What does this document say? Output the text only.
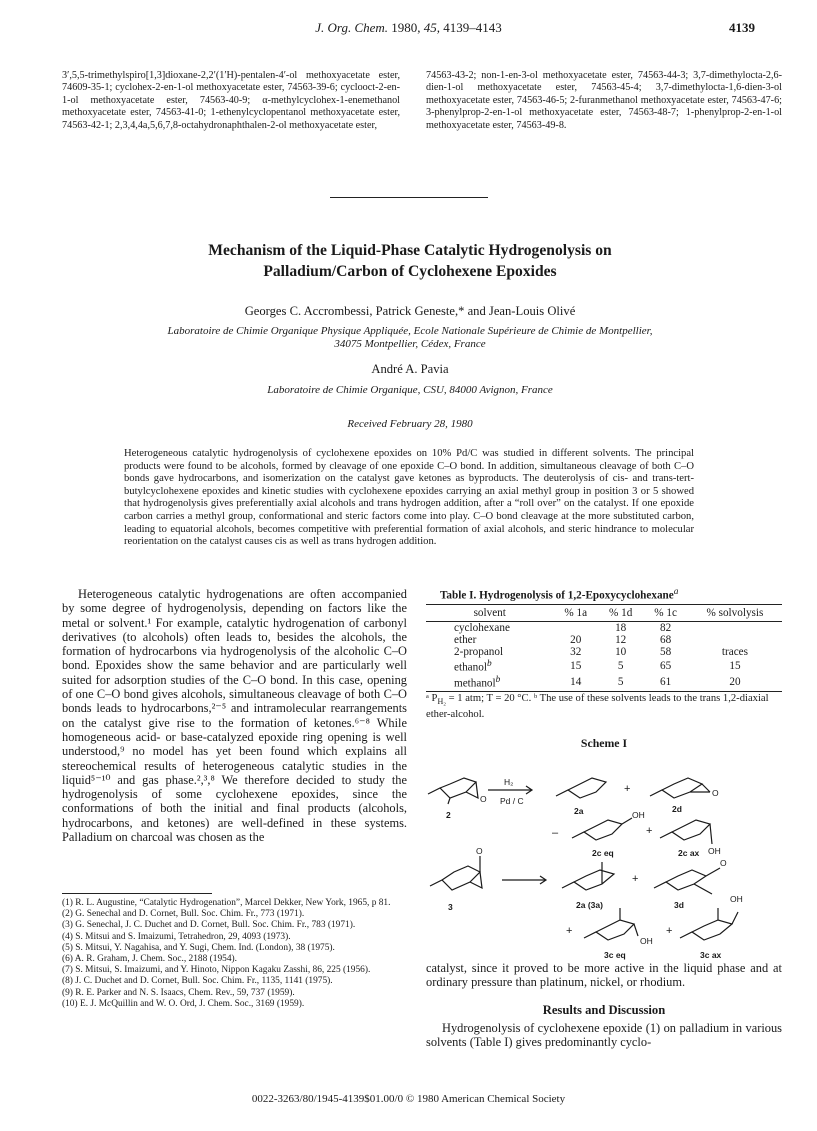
J. Org. Chem. 1980, 45, 4139–4143	4139

3′,5,5-trimethylspiro[1,3]dioxane-2,2′(1′H)-pentalen-4′-ol methoxyacetate ester, 74609-35-1; cyclohex-2-en-1-ol methoxyacetate ester, 74563-39-6; cyclooct-2-en-1-ol methoxyacetate ester, 74563-40-9; α-methylcyclohex-1-enemethanol methoxyacetate ester, 74563-41-0; 1-ethenylcyclopentanol methoxyacetate ester, 74563-42-1; 2,3,4,4a,5,6,7,8-octahydronaphthalen-2-ol methoxyacetate ester,

74563-43-2; non-1-en-3-ol methoxyacetate ester, 74563-44-3; 3,7-dimethylocta-2,6-dien-1-ol methoxyacetate ester, 74563-45-4; 3,7-dimethylocta-1,6-dien-3-ol methoxyacetate ester, 74563-46-5; 2-furanmethanol methoxyacetate ester, 74563-47-6; 3-phenylprop-2-en-1-ol methoxyacetate ester, 74563-48-7; 1-phenylprop-2-en-1-ol methoxyacetate ester, 74563-49-8.

Mechanism of the Liquid-Phase Catalytic Hydrogenolysis on
Palladium/Carbon of Cyclohexene Epoxides
Georges C. Accrombessi, Patrick Geneste,* and Jean-Louis Olivé
Laboratoire de Chimie Organique Physique Appliquée, Ecole Nationale Supérieure de Chimie de Montpellier,
34075 Montpellier, Cédex, France
André A. Pavia
Laboratoire de Chimie Organique, CSU, 84000 Avignon, France
Received February 28, 1980
Heterogeneous catalytic hydrogenolysis of cyclohexene epoxides on 10% Pd/C was studied in different solvents. The principal products were found to be alcohols, formed by cleavage of one epoxide C–O bond. In addition, simultaneous cleavage of both C–O bonds gave hydrocarbons, and isomerization on the catalyst gave ketones as byproducts. The deuterolysis of cis- and trans-tert-butylcyclohexene epoxides and kinetic studies with cyclohexene epoxides carrying an axial methyl group in position 3 or 5 showed that hydrogenolysis gives preferentially axial alcohols and trans hydrogen addition, after a “roll over” on the catalyst. If one epoxide carbon carries a methyl group, conformational and steric factors come into play. C–O bond cleavage at the more substituted carbon, leading to equatorial alcohols, becomes competitive with preferential formation of axial alcohols, and steric hindrance to molecular reorientation on the catalyst causes cis as well as trans hydrogen addition.
Heterogeneous catalytic hydrogenations are often accompanied by some degree of hydrogenolysis, depending on factors like the metal or solvent.¹ For example, catalytic hydrogenation of carbonyl derivatives (to alcohols) often leads to, besides the alcohols, the formation of hydrocarbons via hydrogenolysis of the alcoholic C–O bond. Epoxides show the same behavior and are particularly well suited for adsorption studies of the C–O bond. In this case, opening of one C–O bond gives alcohols, simultaneous cleavage of both C–O bonds leads to hydrocarbons,²⁻⁵ and intramolecular rearrangements on the catalyst give rise to the formation of ketones.⁶⁻⁸ While homogeneous acid- or base-catalyzed epoxide ring opening is well understood,⁹ no model has yet been found which explains all stereochemical results of heterogeneous catalytic studies in the liquid⁵⁻¹⁰ and gas phase.²,³,⁸ We therefore decided to study the hydrogenolysis of some cyclohexene epoxides, since the conformations of both the initial and final products (alcohols, hydrocarbons, and ketones) are well-defined in these systems. Palladium on charcoal was chosen as the

(1) R. L. Augustine, “Catalytic Hydrogenation”, Marcel Dekker, New York, 1965, p 81.

(2) G. Senechal and D. Cornet, Bull. Soc. Chim. Fr., 773 (1971).

(3) G. Senechal, J. C. Duchet and D. Cornet, Bull. Soc. Chim. Fr., 783 (1971).

(4) S. Mitsui and S. Imaizumi, Tetrahedron, 29, 4093 (1973).

(5) S. Mitsui, Y. Nagahisa, and Y. Sugi, Chem. Ind. (London), 38 (1975).

(6) A. R. Graham, J. Chem. Soc., 2188 (1954).

(7) S. Mitsui, S. Imaizumi, and Y. Hinoto, Nippon Kagaku Zasshi, 86, 225 (1956).

(8) J. C. Duchet and D. Cornet, Bull. Soc. Chim. Fr., 1135, 1141 (1975).

(9) R. E. Parker and N. S. Isaacs, Chem. Rev., 59, 737 (1959).

(10) E. J. McQuillin and W. O. Ord, J. Chem. Soc., 3169 (1959).

0022-3263/80/1945-4139$01.00/0 © 1980 American Chemical Society
Table I. Hydrogenolysis of 1,2-Epoxycyclohexane$^a$
solvent	% 1a	% 1d	% 1c	% solvolysis
cyclohexane		18	82	
ether	20	12	68	
2-propanol	32	10	58	traces
ethanol$^b$	15	5	65	15
methanol$^b$	14	5	61	20
ᵃ $P_{H_2} = 1$ atm; T = 20 °C. ᵇ The use of these solvents leads to the trans 1,2-diaxial ether-alcohol.
Scheme I
H₂
Pd / C
O
O
+
–	+
OH
OH
O
+
O
OH
+
OH
+
2	2a	2d
2c eq	2c ax
3	2a (3a)	3d
3c eq	3c ax
catalyst, since it proved to be more active in the liquid phase and at ordinary pressure than platinum, nickel, or rhodium.
Results and Discussion
Hydrogenolysis of cyclohexene epoxide (1) on palladium in various solvents (Table I) gives predominantly cyclo-
